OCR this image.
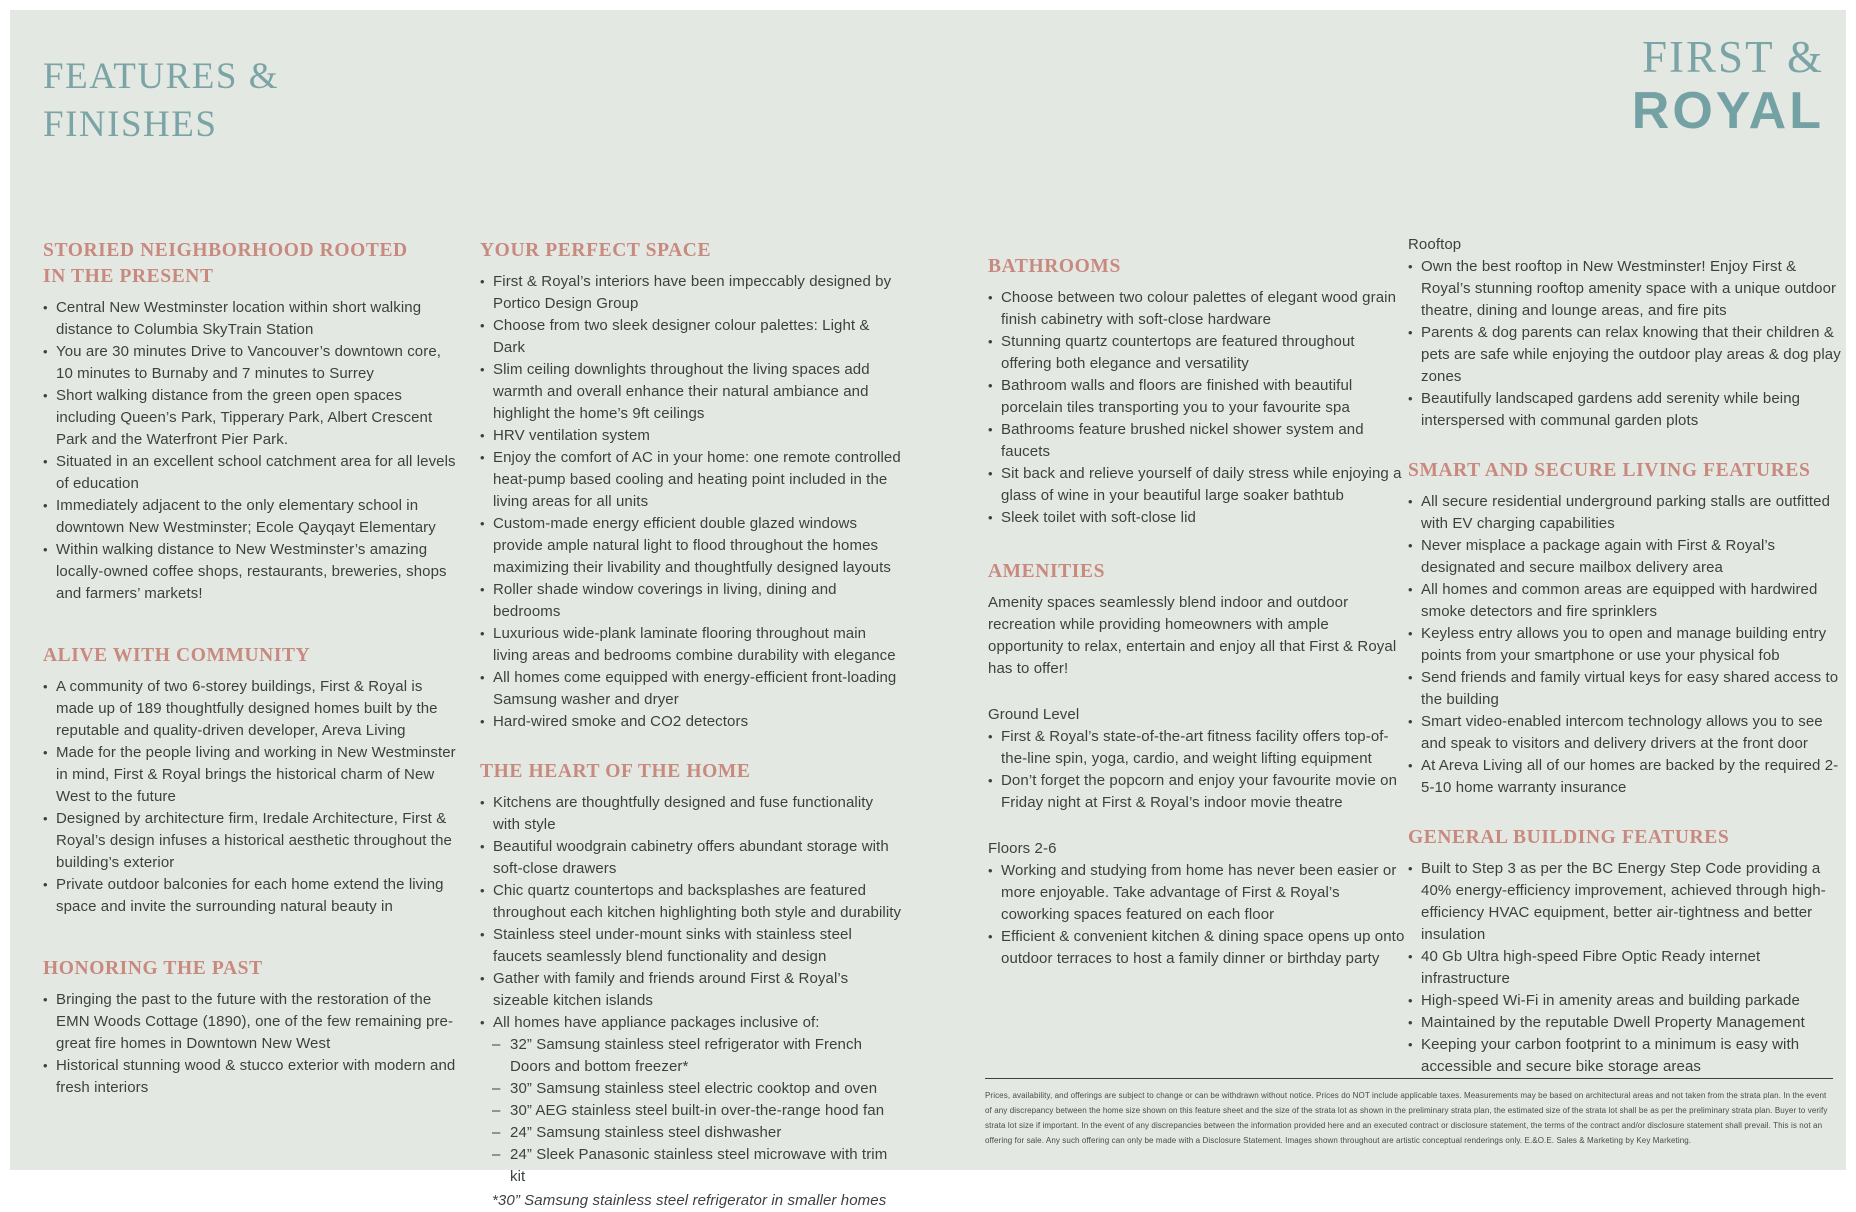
FEATURES &
FINISHES
FIRST &
ROYAL
STORIED NEIGHBORHOOD ROOTED
IN THE PRESENT
• Central New Westminster location within short walking distance to Columbia SkyTrain Station
• You are 30 minutes Drive to Vancouver’s downtown core, 10 minutes to Burnaby and 7 minutes to Surrey
• Short walking distance from the green open spaces including Queen’s Park, Tipperary Park, Albert Crescent Park and the Waterfront Pier Park.
• Situated in an excellent school catchment area for all levels of education
• Immediately adjacent to the only elementary school in downtown New Westminster; Ecole Qayqayt Elementary
• Within walking distance to New Westminster’s amazing locally-owned coffee shops, restaurants, breweries, shops and farmers’ markets!
ALIVE WITH COMMUNITY
• A community of two 6-storey buildings, First & Royal is made up of 189 thoughtfully designed homes built by the reputable and quality-driven developer, Areva Living
• Made for the people living and working in New Westminster in mind, First & Royal brings the historical charm of New West to the future
• Designed by architecture firm, Iredale Architecture, First & Royal’s design infuses a historical aesthetic throughout the building’s exterior
• Private outdoor balconies for each home extend the living space and invite the surrounding natural beauty in
HONORING THE PAST
• Bringing the past to the future with the restoration of the EMN Woods Cottage (1890), one of the few remaining pre-great fire homes in Downtown New West
• Historical stunning wood & stucco exterior with modern and fresh interiors
YOUR PERFECT SPACE
• First & Royal’s interiors have been impeccably designed by Portico Design Group
• Choose from two sleek designer colour palettes: Light & Dark
• Slim ceiling downlights throughout the living spaces add warmth and overall enhance their natural ambiance and highlight the home’s 9ft ceilings
• HRV ventilation system
• Enjoy the comfort of AC in your home: one remote controlled heat-pump based cooling and heating point included in the living areas for all units
• Custom-made energy efficient double glazed windows provide ample natural light to flood throughout the homes maximizing their livability and thoughtfully designed layouts
• Roller shade window coverings in living, dining and bedrooms
• Luxurious wide-plank laminate flooring throughout main living areas and bedrooms combine durability with elegance
• All homes come equipped with energy-efficient front-loading Samsung washer and dryer
• Hard-wired smoke and CO2 detectors
THE HEART OF THE HOME
• Kitchens are thoughtfully designed and fuse functionality with style
• Beautiful woodgrain cabinetry offers abundant storage with soft-close drawers
• Chic quartz countertops and backsplashes are featured throughout each kitchen highlighting both style and durability
• Stainless steel under-mount sinks with stainless steel faucets seamlessly blend functionality and design
• Gather with family and friends around First & Royal’s sizeable kitchen islands
• All homes have appliance packages inclusive of:
– 32” Samsung stainless steel refrigerator with French Doors and bottom freezer*
– 30” Samsung stainless steel electric cooktop and oven
– 30” AEG stainless steel built-in over-the-range hood fan
– 24” Samsung stainless steel dishwasher
– 24” Sleek Panasonic stainless steel microwave with trim kit
*30” Samsung stainless steel refrigerator in smaller homes
BATHROOMS
• Choose between two colour palettes of elegant wood grain finish cabinetry with soft-close hardware
• Stunning quartz countertops are featured throughout offering both elegance and versatility
• Bathroom walls and floors are finished with beautiful porcelain tiles transporting you to your favourite spa
• Bathrooms feature brushed nickel shower system and faucets
• Sit back and relieve yourself of daily stress while enjoying a glass of wine in your beautiful large soaker bathtub
• Sleek toilet with soft-close lid
AMENITIES

Amenity spaces seamlessly blend indoor and outdoor recreation while providing homeowners with ample opportunity to relax, entertain and enjoy all that First & Royal has to offer!

Ground Level
• First & Royal’s state-of-the-art fitness facility offers top-of-the-line spin, yoga, cardio, and weight lifting equipment
• Don’t forget the popcorn and enjoy your favourite movie on Friday night at First & Royal’s indoor movie theatre
Floors 2-6
• Working and studying from home has never been easier or more enjoyable. Take advantage of First & Royal’s coworking spaces featured on each floor
• Efficient & convenient kitchen & dining space opens up onto outdoor terraces to host a family dinner or birthday party
Rooftop
• Own the best rooftop in New Westminster! Enjoy First & Royal’s stunning rooftop amenity space with a unique outdoor theatre, dining and lounge areas, and fire pits
• Parents & dog parents can relax knowing that their children & pets are safe while enjoying the outdoor play areas & dog play zones
• Beautifully landscaped gardens add serenity while being interspersed with communal garden plots
SMART AND SECURE LIVING FEATURES
• All secure residential underground parking stalls are outfitted with EV charging capabilities
• Never misplace a package again with First & Royal’s designated and secure mailbox delivery area
• All homes and common areas are equipped with hardwired smoke detectors and fire sprinklers
• Keyless entry allows you to open and manage building entry points from your smartphone or use your physical fob
• Send friends and family virtual keys for easy shared access to the building
• Smart video-enabled intercom technology allows you to see and speak to visitors and delivery drivers at the front door
• At Areva Living all of our homes are backed by the required 2-5-10 home warranty insurance
GENERAL BUILDING FEATURES
• Built to Step 3 as per the BC Energy Step Code providing a 40% energy-efficiency improvement, achieved through high-efficiency HVAC equipment, better air-tightness and better insulation
• 40 Gb Ultra high-speed Fibre Optic Ready internet infrastructure
• High-speed Wi-Fi in amenity areas and building parkade
• Maintained by the reputable Dwell Property Management
• Keeping your carbon footprint to a minimum is easy with accessible and secure bike storage areas
Prices, availability, and offerings are subject to change or can be withdrawn without notice. Prices do NOT include applicable taxes. Measurements may be based on architectural areas and not taken from the strata plan. In the event of any discrepancy between the home size shown on this feature sheet and the size of the strata lot as shown in the preliminary strata plan, the estimated size of the strata lot shall be as per the preliminary strata plan. Buyer to verify strata lot size if important. In the event of any discrepancies between the information provided here and an executed contract or disclosure statement, the terms of the contract and/or disclosure statement shall prevail. This is not an offering for sale. Any such offering can only be made with a Disclosure Statement. Images shown throughout are artistic conceptual renderings only. E.&O.E. Sales & Marketing by Key Marketing.
